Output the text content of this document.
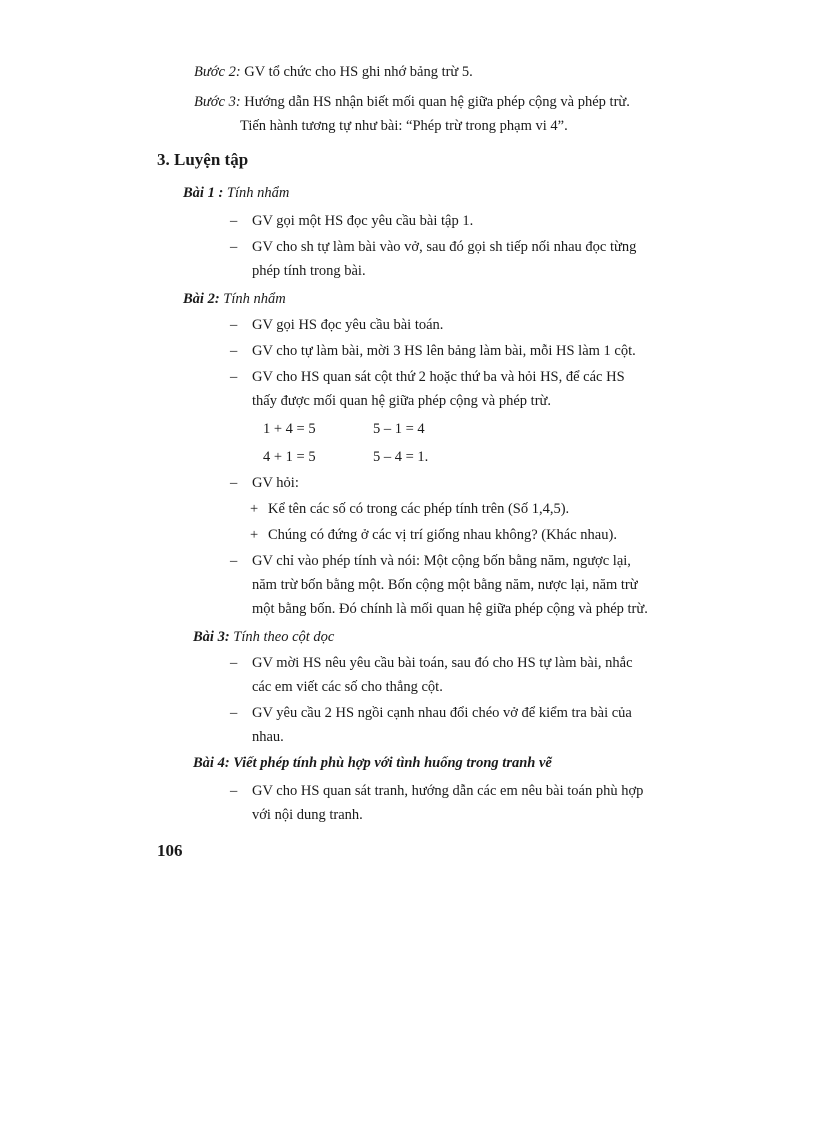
Bước 2: GV tổ chức cho HS ghi nhớ bảng trừ 5.
Bước 3: Hướng dẫn HS nhận biết mối quan hệ giữa phép cộng và phép trừ.
Tiến hành tương tự như bài: “Phép trừ trong phạm vi 4”.
3. Luyện tập
Bài 1 : Tính nhẩm
– GV gọi một HS đọc yêu cầu bài tập 1.
– GV cho sh tự làm bài vào vở, sau đó gọi sh tiếp nối nhau đọc từng
phép tính trong bài.
Bài 2: Tính nhẩm
– GV gọi HS đọc yêu cầu bài toán.
– GV cho tự làm bài, mời 3 HS lên bảng làm bài, mỗi HS làm 1 cột.
– GV cho HS quan sát cột thứ 2 hoặc thứ ba và hỏi HS, để các HS
thấy được mối quan hệ giữa phép cộng và phép trừ.
1 + 4 = 5	5 – 1 = 4
4 + 1 = 5	5 – 4 = 1.
– GV hỏi:
+ Kể tên các số có trong các phép tính trên (Số 1,4,5).
+ Chúng có đứng ở các vị trí giống nhau không? (Khác nhau).
– GV chỉ vào phép tính và nói: Một cộng bốn bằng năm, ngược lại,
năm trừ bốn bằng một. Bốn cộng một bằng năm, nược lại, năm trừ
một bằng bốn. Đó chính là mối quan hệ giữa phép cộng và phép trừ.
Bài 3: Tính theo cột dọc
– GV mời HS nêu yêu cầu bài toán, sau đó cho HS tự làm bài, nhắc
các em viết các số cho thẳng cột.
– GV yêu cầu 2 HS ngồi cạnh nhau đổi chéo vở để kiểm tra bài của
nhau.
Bài 4: Viết phép tính phù hợp với tình huống trong tranh vẽ
– GV cho HS quan sát tranh, hướng dẫn các em nêu bài toán phù hợp
với nội dung tranh.
106
